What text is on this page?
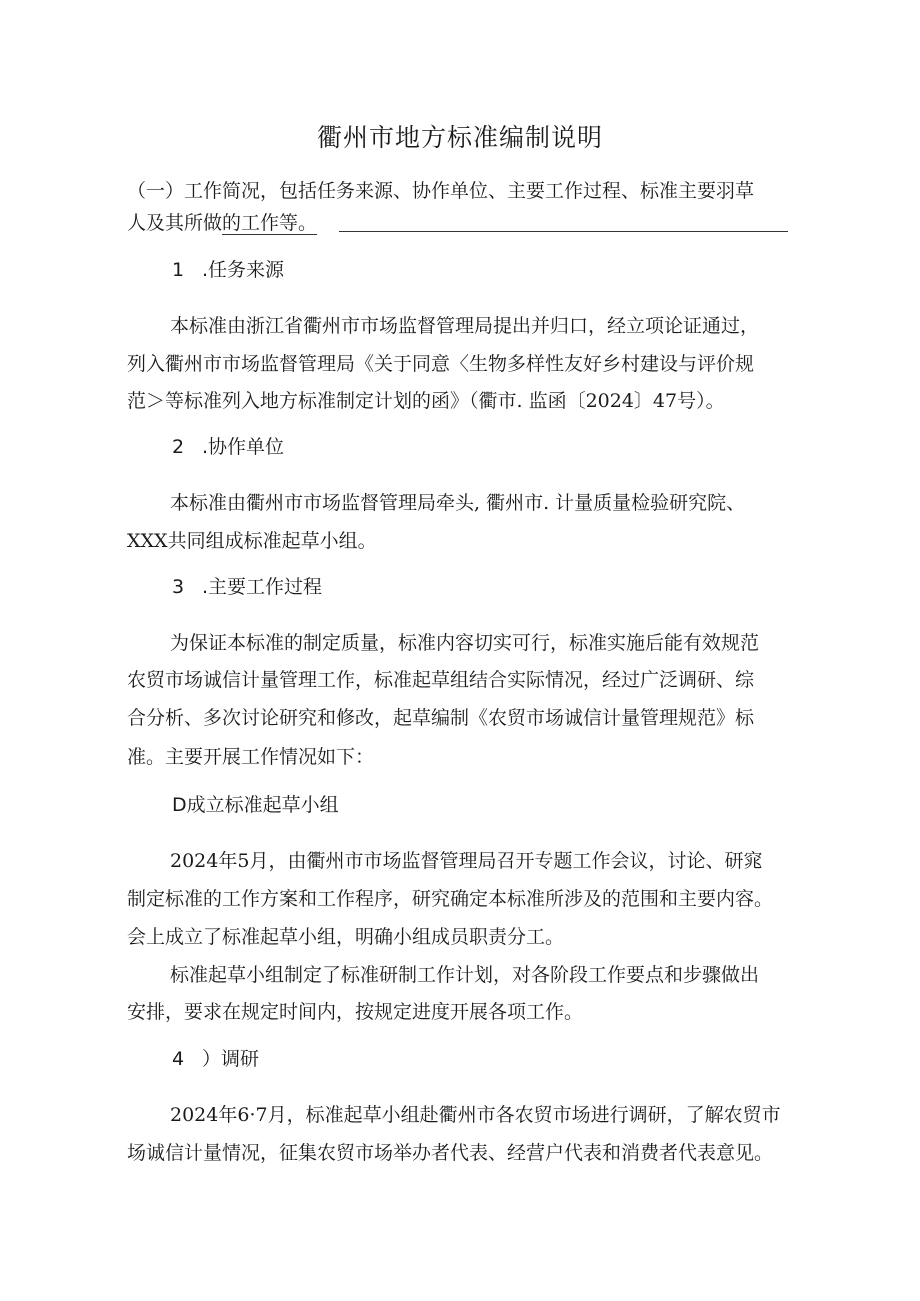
衢州市地方标准编制说明
（一）工作简况，包括任务来源、协作单位、主要工作过程、标准主要羽草
人及其所做的工作等。
1 .任务来源
本标准由浙江省衢州市市场监督管理局提出并归口，经立项论证通过，
列入衢州市市场监督管理局《关于同意〈生物多样性友好乡村建设与评价规
范＞等标准列入地方标准制定计划的函》（衢市. 监函〔2024〕47号）。
2 .协作单位
本标准由衢州市市场监督管理局牵头, 衢州市. 计量质量检验研究院、
XXX共同组成标准起草小组。
3 .主要工作过程
为保证本标准的制定质量，标准内容切实可行，标准实施后能有效规范
农贸市场诚信计量管理工作，标准起草组结合实际情况，经过广泛调研、综
合分析、多次讨论研究和修改，起草编制《农贸市场诚信计量管理规范》标
准。主要开展工作情况如下：
D成立标准起草小组
2024年5月，由衢州市市场监督管理局召开专题工作会议，讨论、研窕
制定标准的工作方案和工作程序，研究确定本标准所涉及的范围和主要内容。
会上成立了标准起草小组，明确小组成员职责分工。
标准起草小组制定了标准研制工作计划，对各阶段工作要点和步骤做出
安排，要求在规定时间内，按规定进度开展各项工作。
4 ）调研
2024年6·7月，标准起草小组赴衢州市各农贸市场进行调研，了解农贸市
场诚信计量情况，征集农贸市场举办者代表、经营户代表和消费者代表意见。
